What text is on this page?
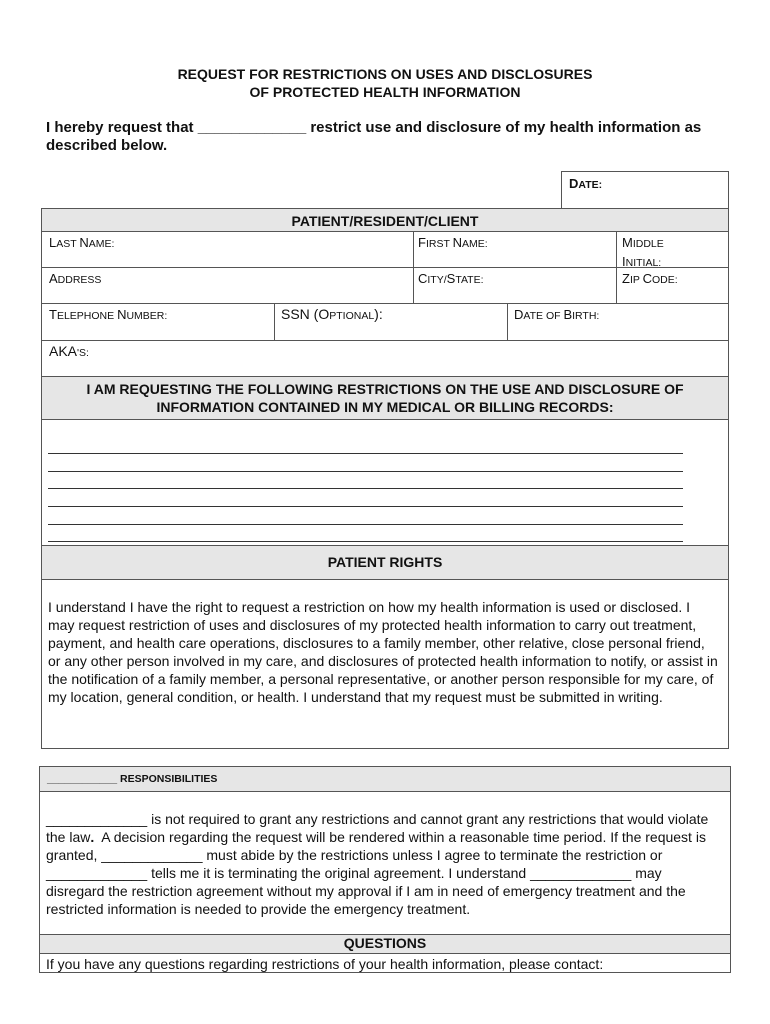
REQUEST FOR RESTRICTIONS ON USES AND DISCLOSURES
OF PROTECTED HEALTH INFORMATION
I hereby request that _____________ restrict use and disclosure of my health information as described below.
DATE:
PATIENT/RESIDENT/CLIENT
LAST NAME:	FIRST NAME:	MIDDLE
INITIAL:
ADDRESS	CITY/STATE:	ZIP CODE:
TELEPHONE NUMBER:	SSN (OPTIONAL):	DATE OF BIRTH:
AKA'S:
I AM REQUESTING THE FOLLOWING RESTRICTIONS ON THE USE AND DISCLOSURE OF
INFORMATION CONTAINED IN MY MEDICAL OR BILLING RECORDS:
PATIENT RIGHTS
I understand I have the right to request a restriction on how my health information is used or disclosed. I may request restriction of uses and disclosures of my protected health information to carry out treatment, payment, and health care operations, disclosures to a family member, other relative, close personal friend, or any other person involved in my care, and disclosures of protected health information to notify, or assist in the notification of a family member, a personal representative, or another person responsible for my care, of my location, general condition, or health. I understand that my request must be submitted in writing.
____________ RESPONSIBILITIES
_____________ is not required to grant any restrictions and cannot grant any restrictions that would violate the law.  A decision regarding the request will be rendered within a reasonable time period. If the request is granted, _____________ must abide by the restrictions unless I agree to terminate the restriction or _____________ tells me it is terminating the original agreement. I understand _____________ may disregard the restriction agreement without my approval if I am in need of emergency treatment and the restricted information is needed to provide the emergency treatment.
QUESTIONS
If you have any questions regarding restrictions of your health information, please contact:
